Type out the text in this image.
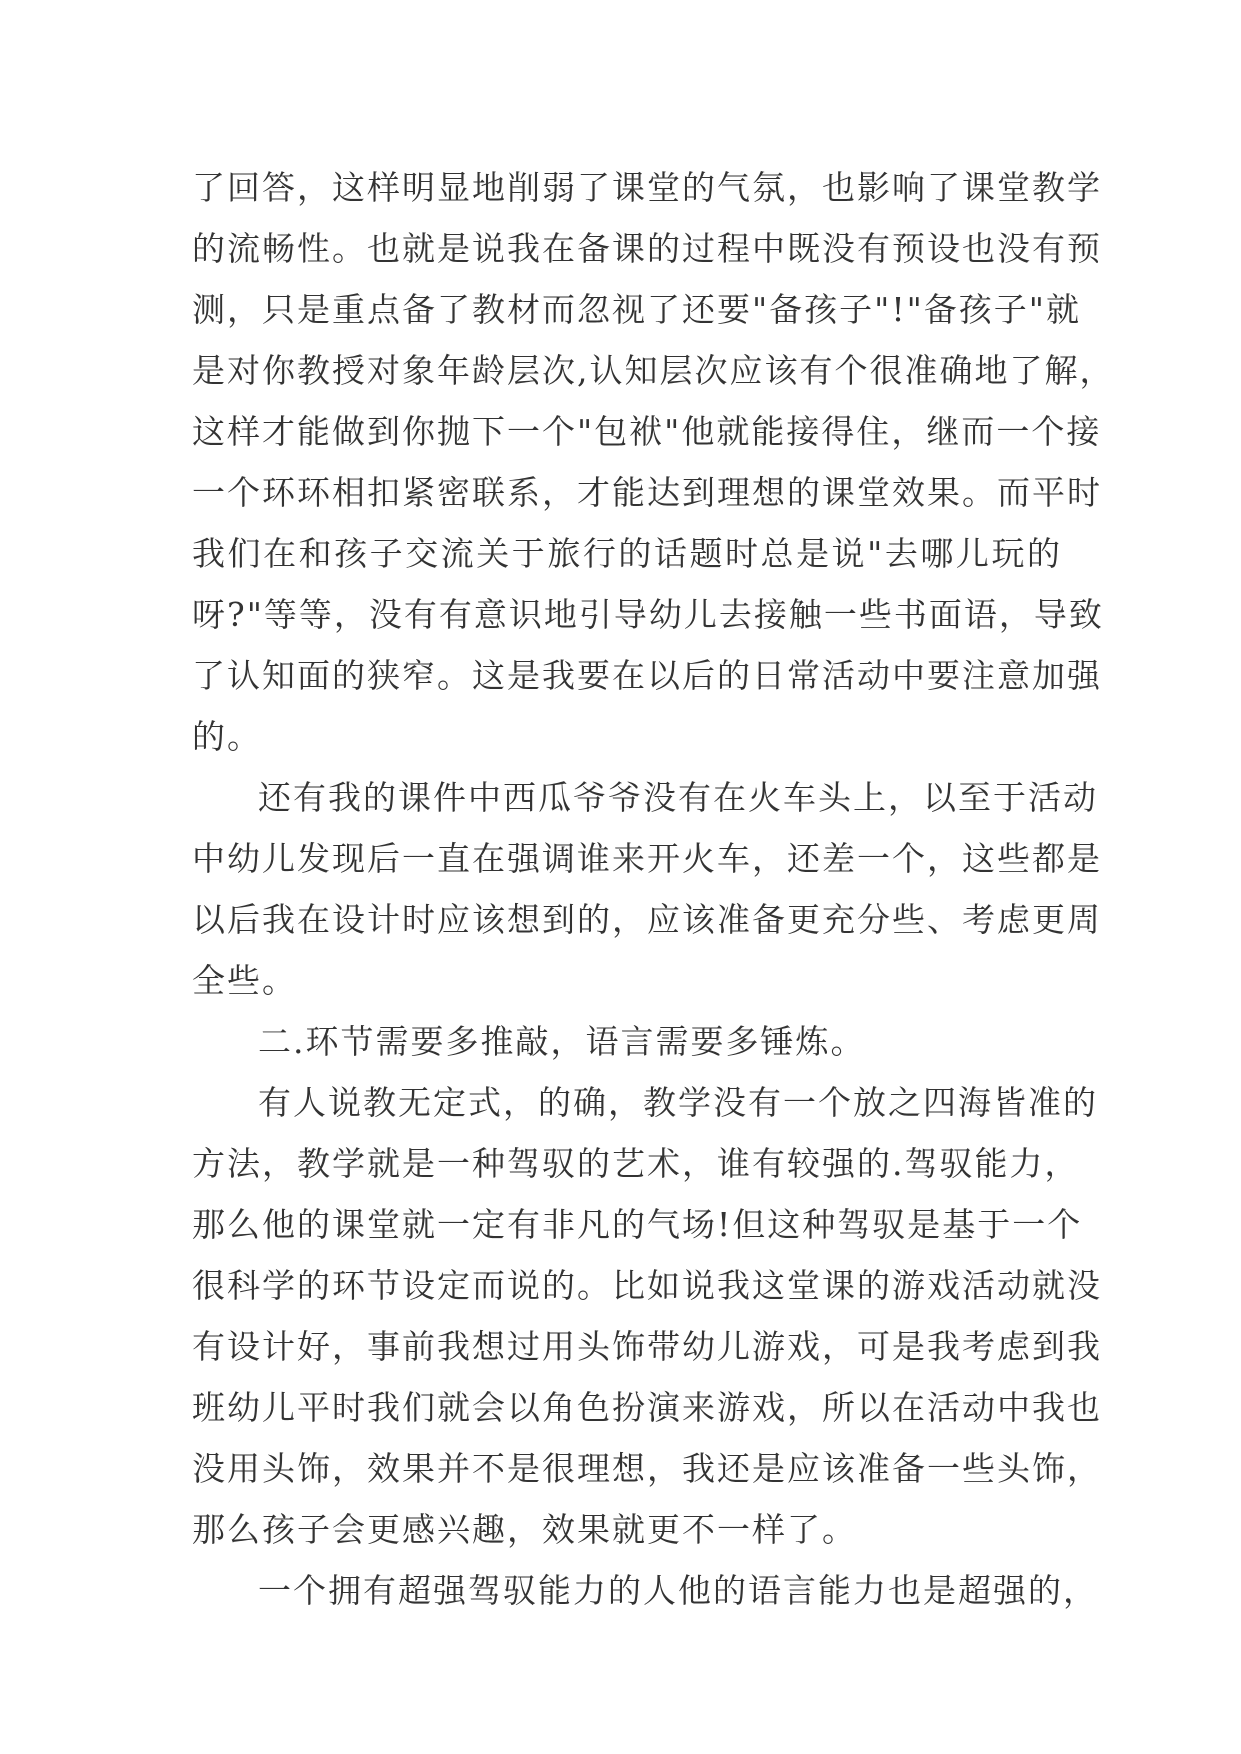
了回答，这样明显地削弱了课堂的气氛，也影响了课堂教学
的流畅性。也就是说我在备课的过程中既没有预设也没有预
测，只是重点备了教材而忽视了还要"备孩子"!"备孩子"就
是对你教授对象年龄层次,认知层次应该有个很准确地了解，
这样才能做到你抛下一个"包袱"他就能接得住，继而一个接
一个环环相扣紧密联系，才能达到理想的课堂效果。而平时
我们在和孩子交流关于旅行的话题时总是说"去哪儿玩的
呀?"等等，没有有意识地引导幼儿去接触一些书面语，导致
了认知面的狭窄。这是我要在以后的日常活动中要注意加强
的。
还有我的课件中西瓜爷爷没有在火车头上，以至于活动
中幼儿发现后一直在强调谁来开火车，还差一个，这些都是
以后我在设计时应该想到的，应该准备更充分些、考虑更周
全些。
二.环节需要多推敲，语言需要多锤炼。
有人说教无定式，的确，教学没有一个放之四海皆准的
方法，教学就是一种驾驭的艺术，谁有较强的.驾驭能力，
那么他的课堂就一定有非凡的气场!但这种驾驭是基于一个
很科学的环节设定而说的。比如说我这堂课的游戏活动就没
有设计好，事前我想过用头饰带幼儿游戏，可是我考虑到我
班幼儿平时我们就会以角色扮演来游戏，所以在活动中我也
没用头饰，效果并不是很理想，我还是应该准备一些头饰，
那么孩子会更感兴趣，效果就更不一样了。
一个拥有超强驾驭能力的人他的语言能力也是超强的，
